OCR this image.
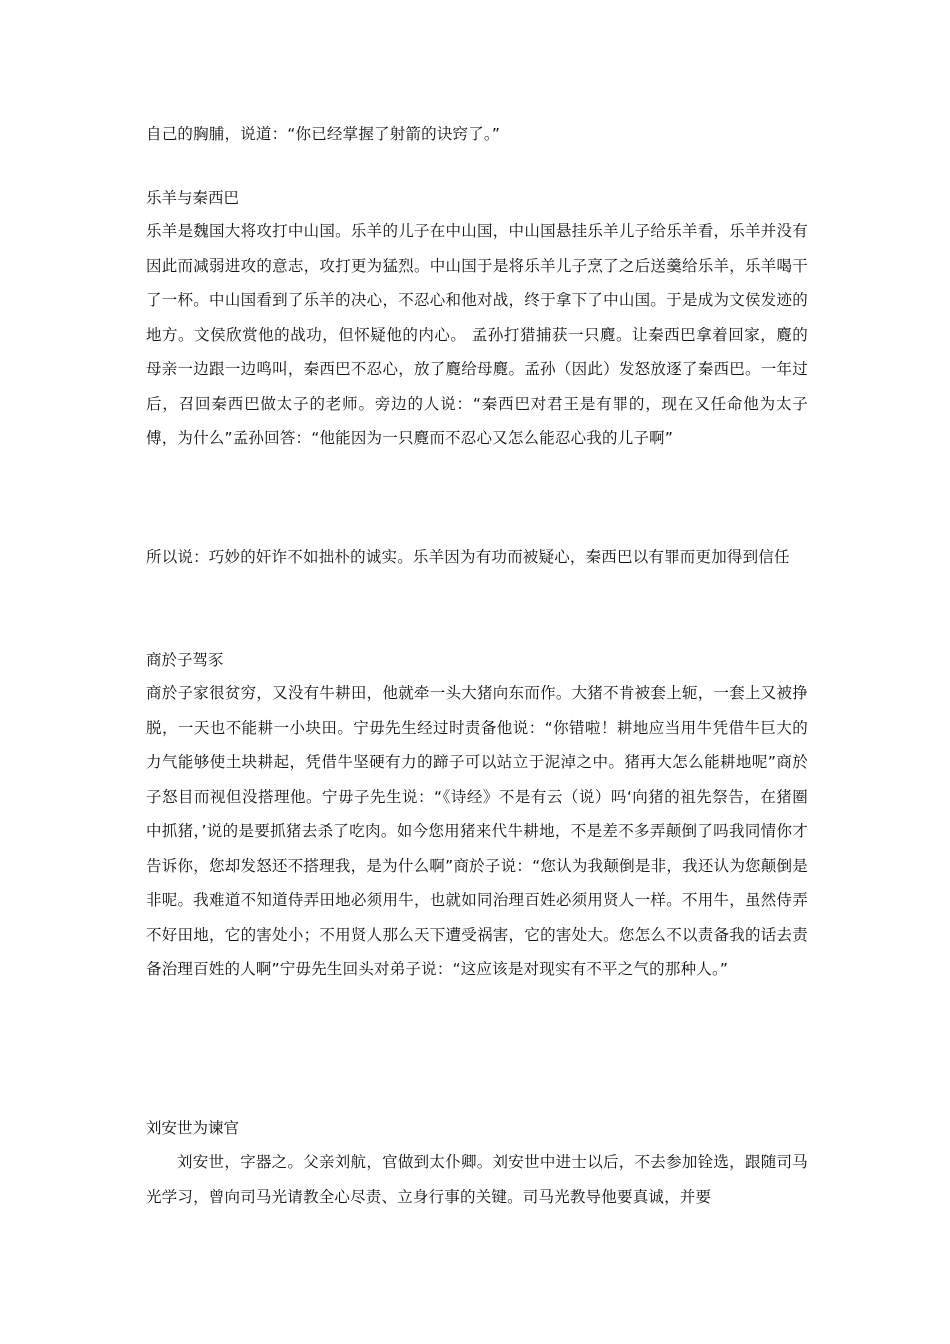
自己的胸脯，说道：“你已经掌握了射箭的诀窍了。”

乐羊与秦西巴

乐羊是魏国大将攻打中山国。乐羊的儿子在中山国，中山国悬挂乐羊儿子给乐羊看，乐羊并没有因此而减弱进攻的意志，攻打更为猛烈。中山国于是将乐羊儿子烹了之后送羹给乐羊，乐羊喝干了一杯。中山国看到了乐羊的决心，不忍心和他对战，终于拿下了中山国。于是成为文侯发迹的地方。文侯欣赏他的战功，但怀疑他的内心。 孟孙打猎捕获一只麑。让秦西巴拿着回家，麑的母亲一边跟一边鸣叫，秦西巴不忍心，放了麑给母麑。孟孙（因此）发怒放逐了秦西巴。一年过后，召回秦西巴做太子的老师。旁边的人说：“秦西巴对君王是有罪的，现在又任命他为太子傅，为什么”孟孙回答：“他能因为一只麑而不忍心又怎么能忍心我的儿子啊”

所以说：巧妙的奸诈不如拙朴的诚实。乐羊因为有功而被疑心，秦西巴以有罪而更加得到信任

商於子驾豕

商於子家很贫穷，又没有牛耕田，他就牵一头大猪向东而作。大猪不肯被套上轭，一套上又被挣脱，一天也不能耕一小块田。宁毋先生经过时责备他说：“你错啦！耕地应当用牛凭借牛巨大的力气能够使土块耕起，凭借牛坚硬有力的蹄子可以站立于泥淖之中。猪再大怎么能耕地呢”商於子怒目而视但没搭理他。宁毋子先生说：“《诗经》不是有云（说）吗‘向猪的祖先祭告，在猪圈中抓猪，’说的是要抓猪去杀了吃肉。如今您用猪来代牛耕地，不是差不多弄颠倒了吗我同情你才告诉你，您却发怒还不搭理我，是为什么啊”商於子说：“您认为我颠倒是非，我还认为您颠倒是非呢。我难道不知道侍弄田地必须用牛，也就如同治理百姓必须用贤人一样。不用牛，虽然侍弄不好田地，它的害处小；不用贤人那么天下遭受祸害，它的害处大。您怎么不以责备我的话去责备治理百姓的人啊”宁毋先生回头对弟子说：“这应该是对现实有不平之气的那种人。”

刘安世为谏官

刘安世，字器之。父亲刘航，官做到太仆卿。刘安世中进士以后，不去参加铨选，跟随司马光学习，曾向司马光请教全心尽责、立身行事的关键。司马光教导他要真诚，并要
